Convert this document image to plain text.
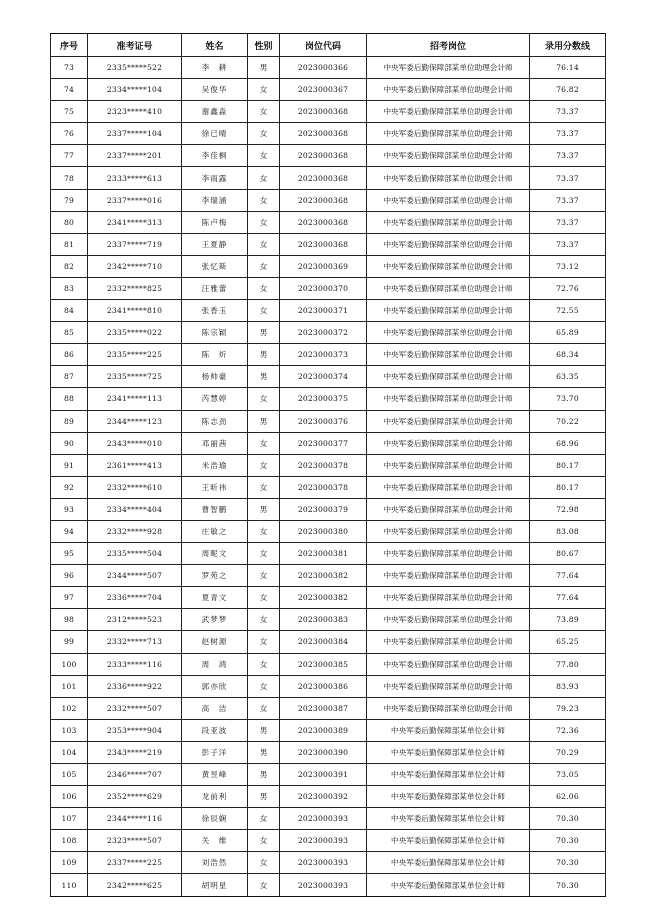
序号	准考证号	姓名	性别	岗位代码	招考岗位	录用分数线
73	2335*****522	李　耕	男	2023000366	中央军委后勤保障部某单位助理会计师	76.14
74	2334*****104	吴俊华	女	2023000367	中央军委后勤保障部某单位助理会计师	76.82
75	2323*****410	谢鑫淼	女	2023000368	中央军委后勤保障部某单位助理会计师	73.37
76	2337*****104	徐已晴	女	2023000368	中央军委后勤保障部某单位助理会计师	73.37
77	2337*****201	李佳桐	女	2023000368	中央军委后勤保障部某单位助理会计师	73.37
78	2333*****613	李雨露	女	2023000368	中央军委后勤保障部某单位助理会计师	73.37
79	2337*****016	李瑞涵	女	2023000368	中央军委后勤保障部某单位助理会计师	73.37
80	2341*****313	陈卢梅	女	2023000368	中央军委后勤保障部某单位助理会计师	73.37
81	2337*****719	王夏静	女	2023000368	中央军委后勤保障部某单位助理会计师	73.37
82	2342*****710	张忆斯	女	2023000369	中央军委后勤保障部某单位助理会计师	73.12
83	2332*****825	汪雅蕾	女	2023000370	中央军委后勤保障部某单位助理会计师	72.76
84	2341*****810	张香玉	女	2023000371	中央军委后勤保障部某单位助理会计师	72.55
85	2335*****022	陈宗颖	男	2023000372	中央军委后勤保障部某单位助理会计师	65.89
86	2335*****225	陈　炘	男	2023000373	中央军委后勤保障部某单位助理会计师	68.34
87	2335*****725	杨帅豪	男	2023000374	中央军委后勤保障部某单位助理会计师	63.35
88	2341*****113	芮慧婷	女	2023000375	中央军委后勤保障部某单位助理会计师	73.70
89	2344*****123	陈志劲	男	2023000376	中央军委后勤保障部某单位助理会计师	70.22
90	2343*****010	邓丽茜	女	2023000377	中央军委后勤保障部某单位助理会计师	68.96
91	2361*****413	米浩瑜	女	2023000378	中央军委后勤保障部某单位助理会计师	80.17
92	2332*****610	王昕祎	女	2023000378	中央军委后勤保障部某单位助理会计师	80.17
93	2334*****404	曹智鹏	男	2023000379	中央军委后勤保障部某单位助理会计师	72.98
94	2332*****928	庄敏之	女	2023000380	中央军委后勤保障部某单位助理会计师	83.08
95	2335*****504	周昵文	女	2023000381	中央军委后勤保障部某单位助理会计师	80.67
96	2344*****507	罗苑之	女	2023000382	中央军委后勤保障部某单位助理会计师	77.64
97	2336*****704	夏青文	女	2023000382	中央军委后勤保障部某单位助理会计师	77.64
98	2312*****523	武梦梦	女	2023000383	中央军委后勤保障部某单位助理会计师	73.89
99	2332*****713	赵树源	女	2023000384	中央军委后勤保障部某单位助理会计师	65.25
100	2333*****116	周　鸿	女	2023000385	中央军委后勤保障部某单位助理会计师	77.80
101	2336*****922	郭亦欣	女	2023000386	中央军委后勤保障部某单位助理会计师	83.93
102	2332*****507	高　洁	女	2023000387	中央军委后勤保障部某单位助理会计师	79.23
103	2353*****904	段亚波	男	2023000389	中央军委后勤保障部某单位会计师	72.36
104	2343*****219	彭子洋	男	2023000390	中央军委后勤保障部某单位会计师	70.29
105	2346*****707	黄昱峰	男	2023000391	中央军委后勤保障部某单位会计师	73.05
106	2352*****629	龙前利	男	2023000392	中央军委后勤保障部某单位会计师	62.06
107	2344*****116	徐辰娴	女	2023000393	中央军委后勤保障部某单位会计师	70.30
108	2323*****507	关　维	女	2023000393	中央军委后勤保障部某单位会计师	70.30
109	2337*****225	刘浩然	女	2023000393	中央军委后勤保障部某单位会计师	70.30
110	2342*****625	胡明星	女	2023000393	中央军委后勤保障部某单位会计师	70.30
